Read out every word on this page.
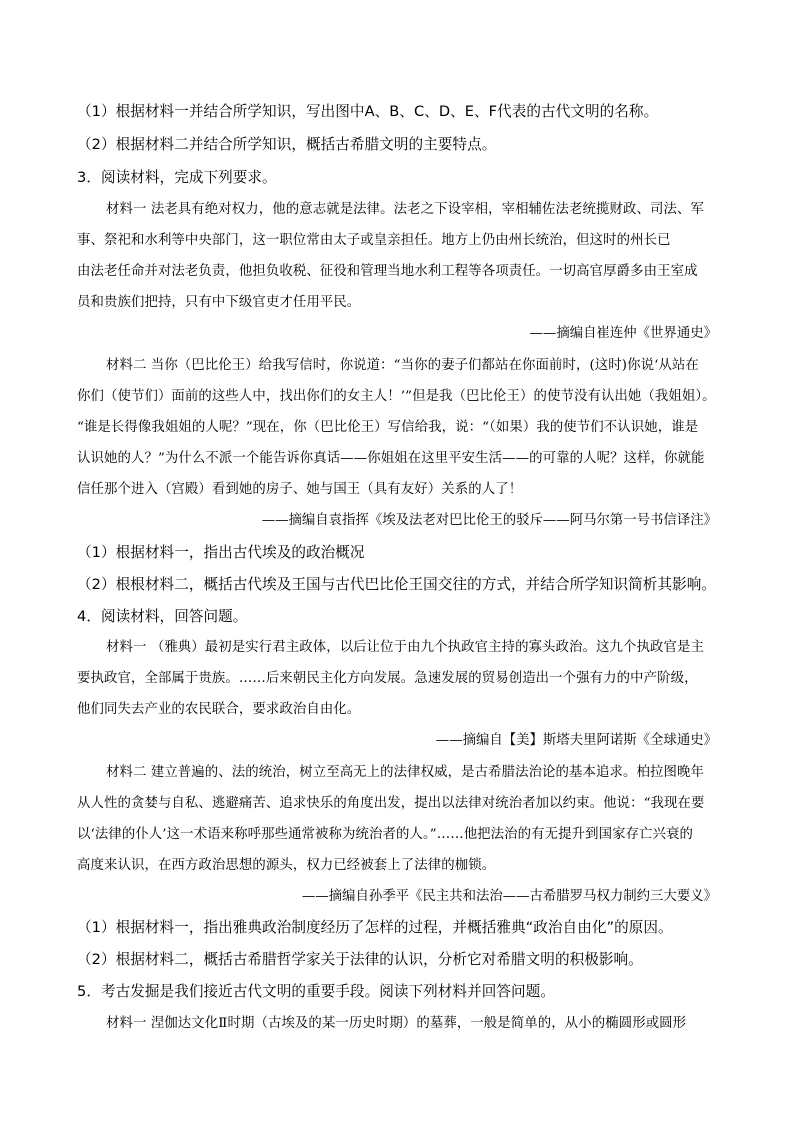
（1）根据材料一并结合所学知识，写出图中A、B、C、D、E、F代表的古代文明的名称。

（2）根据材料二并结合所学知识，概括古希腊文明的主要特点。

3．阅读材料，完成下列要求。

材料一 法老具有绝对权力，他的意志就是法律。法老之下设宰相，宰相辅佐法老统揽财政、司法、军

事、祭祀和水利等中央部门，这一职位常由太子或皇亲担任。地方上仍由州长统治，但这时的州长已

由法老任命并对法老负责，他担负收税、征役和管理当地水利工程等各项责任。一切高官厚爵多由王室成

员和贵族们把持，只有中下级官吏才任用平民。

——摘编自崔连仲《世界通史》

材料二 当你（巴比伦王）给我写信时，你说道：“当你的妻子们都站在你面前时，(这时)你说‘从站在

你们（使节们）面前的这些人中，找出你们的女主人！’”但是我（巴比伦王）的使节没有认出她（我姐姐）。

“谁是长得像我姐姐的人呢？”现在，你（巴比伦王）写信给我，说：“（如果）我的使节们不认识她，谁是

认识她的人？”为什么不派一个能告诉你真话——你姐姐在这里平安生活——的可靠的人呢？这样，你就能

信任那个进入（宫殿）看到她的房子、她与国王（具有友好）关系的人了！

——摘编自袁指挥《埃及法老对巴比伦王的驳斥——阿马尔第一号书信译注》

（1）根据材料一，指出古代埃及的政治概况

（2）根根材料二，概括古代埃及王国与古代巴比伦王国交往的方式，并结合所学知识简析其影响。

4．阅读材料，回答问题。

材料一 （雅典）最初是实行君主政体，以后让位于由九个执政官主持的寡头政治。这九个执政官是主

要执政官，全部属于贵族。……后来朝民主化方向发展。急速发展的贸易创造出一个强有力的中产阶级，

他们同失去产业的农民联合，要求政治自由化。

——摘编自【美】斯塔夫里阿诺斯《全球通史》

材料二 建立普遍的、法的统治，树立至高无上的法律权威，是古希腊法治论的基本追求。柏拉图晚年

从人性的贪婪与自私、逃避痛苦、追求快乐的角度出发，提出以法律对统治者加以约束。他说：“我现在要

以‘法律的仆人’这一术语来称呼那些通常被称为统治者的人。”……他把法治的有无提升到国家存亡兴衰的

高度来认识，在西方政治思想的源头，权力已经被套上了法律的枷锁。

——摘编自孙季平《民主共和法治——古希腊罗马权力制约三大要义》

（1）根据材料一，指出雅典政治制度经历了怎样的过程，并概括雅典“政治自由化”的原因。

（2）根据材料二，概括古希腊哲学家关于法律的认识，分析它对希腊文明的积极影响。

5．考古发掘是我们接近古代文明的重要手段。阅读下列材料并回答问题。

材料一 涅伽达文化Ⅱ时期（古埃及的某一历史时期）的墓葬，一般是简单的，从小的椭圆形或圆形
